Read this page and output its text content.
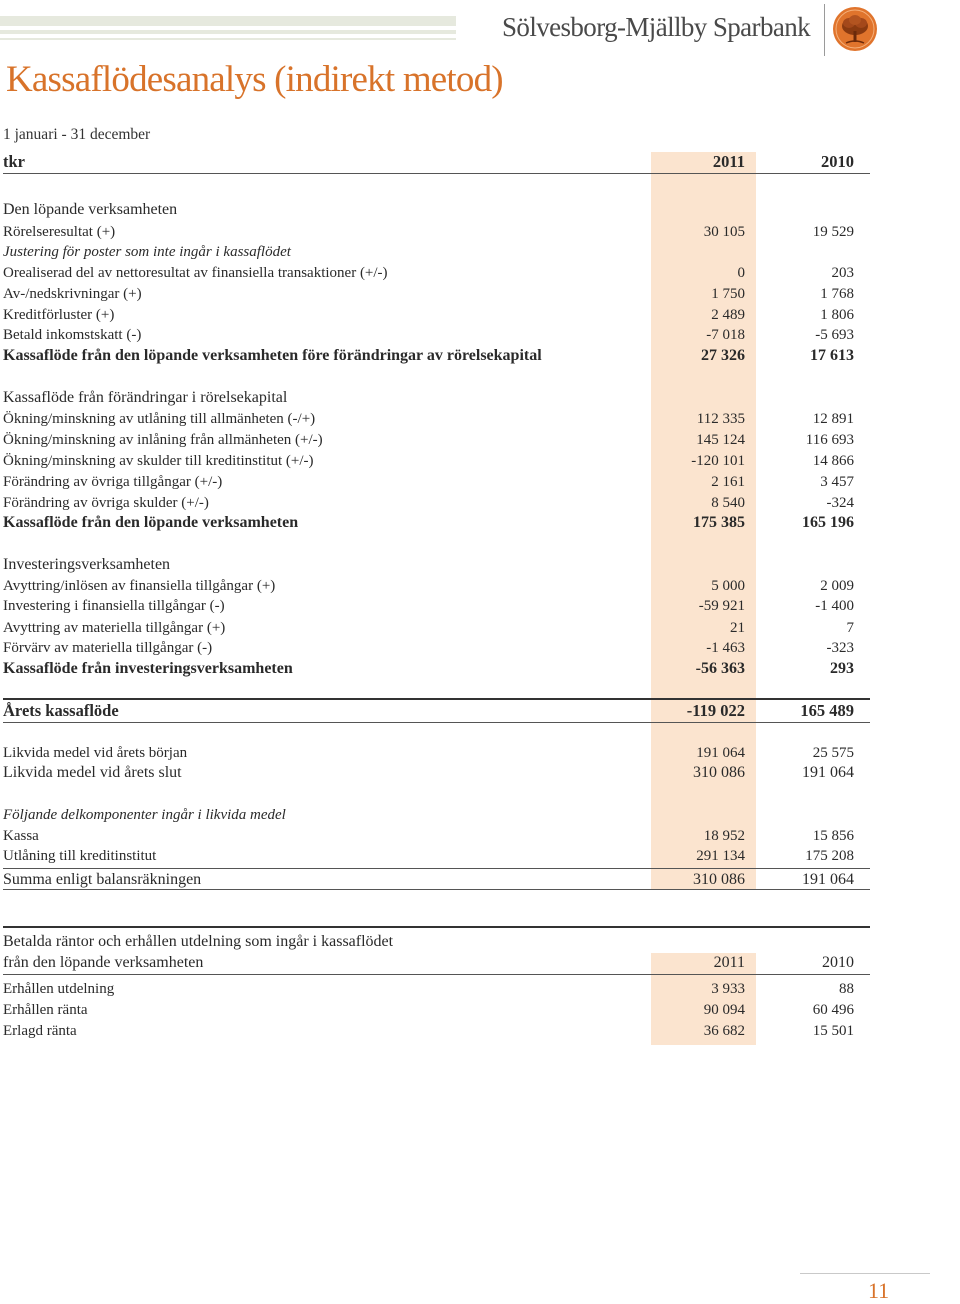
Sölvesborg-Mjällby Sparbank
Kassaflödesanalys (indirekt metod)
1 januari - 31 december
tkr	2011	2010
Den löpande verksamheten
Rörelseresultat (+)	30 105	19 529
Justering för poster som inte ingår i kassaflödet
Orealiserad del av nettoresultat av finansiella transaktioner (+/-)	0	203
Av-/nedskrivningar (+)	1 750	1 768
Kreditförluster (+)	2 489	1 806
Betald inkomstskatt (-)	-7 018	-5 693
Kassaflöde från den löpande verksamheten före förändringar av rörelsekapital	27 326	17 613
Kassaflöde från förändringar i rörelsekapital
Ökning/minskning av utlåning till allmänheten (-/+)	112 335	12 891
Ökning/minskning av inlåning från allmänheten (+/-)	145 124	116 693
Ökning/minskning av skulder till kreditinstitut (+/-)	-120 101	14 866
Förändring av övriga tillgångar (+/-)	2 161	3 457
Förändring av övriga skulder (+/-)	8 540	-324
Kassaflöde från den löpande verksamheten	175 385	165 196
Investeringsverksamheten
Avyttring/inlösen av finansiella tillgångar (+)	5 000	2 009
Investering i finansiella tillgångar (-)	-59 921	-1 400
Avyttring av materiella tillgångar (+)	21	7
Förvärv av materiella tillgångar (-)	-1 463	-323
Kassaflöde från investeringsverksamheten	-56 363	293
Årets kassaflöde	-119 022	165 489
Likvida medel vid årets början	191 064	25 575
Likvida medel vid årets slut	310 086	191 064
Följande delkomponenter ingår i likvida medel
Kassa	18 952	15 856
Utlåning till kreditinstitut	291 134	175 208
Summa enligt balansräkningen	310 086	191 064
Betalda räntor och erhållen utdelning som ingår i kassaflödet
från den löpande verksamheten	2011	2010
Erhållen utdelning	3 933	88
Erhållen ränta	90 094	60 496
Erlagd ränta	36 682	15 501
11
